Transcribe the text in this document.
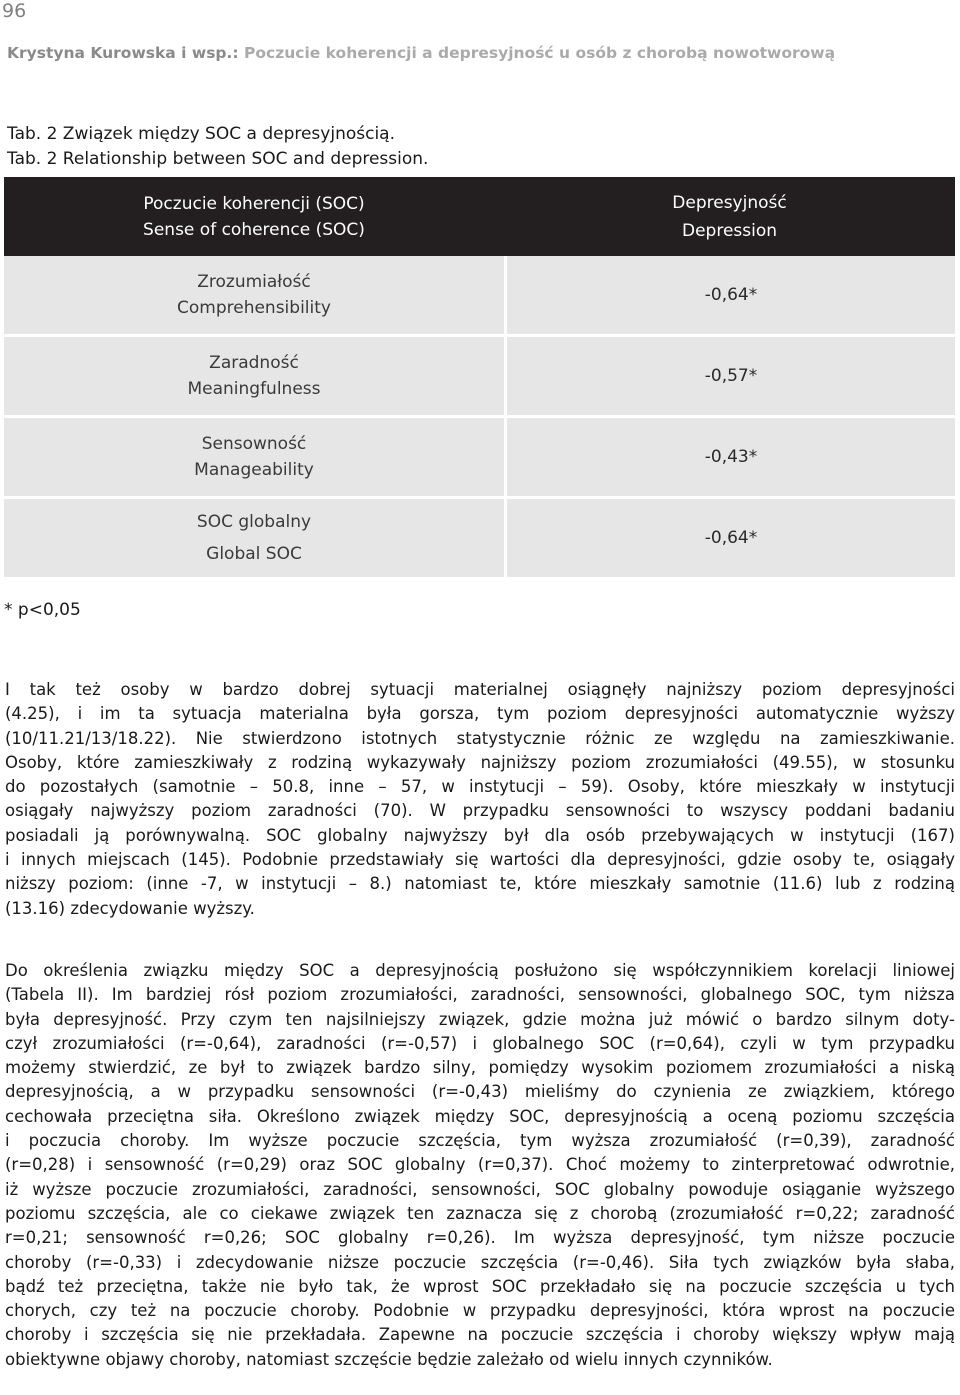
96
Krystyna Kurowska i wsp.: Poczucie koherencji a depresyjność u osób z chorobą nowotworową
Tab. 2 Związek między SOC a depresyjnością.
Tab. 2 Relationship between SOC and depression.
Poczucie koherencji (SOC)
Sense of coherence (SOC)
Depresyjność
Depression
Zrozumiałość
Comprehensibility
-0,64*
Zaradność
Meaningfulness
-0,57*
Sensowność
Manageability
-0,43*
SOC globalny
Global SOC
-0,64*
* p<0,05
I tak też osoby w bardzo dobrej sytuacji materialnej osiągnęły najniższy poziom depresyjności
(4.25), i im ta sytuacja materialna była gorsza, tym poziom depresyjności automatycznie wyższy
(10/11.21/13/18.22). Nie stwierdzono istotnych statystycznie różnic ze względu na zamieszkiwanie.
Osoby, które zamieszkiwały z rodziną wykazywały najniższy poziom zrozumiałości (49.55), w stosunku
do pozostałych (samotnie – 50.8, inne – 57, w instytucji – 59). Osoby, które mieszkały w instytucji
osiągały najwyższy poziom zaradności (70). W przypadku sensowności to wszyscy poddani badaniu
posiadali ją porównywalną. SOC globalny najwyższy był dla osób przebywających w instytucji (167)
i innych miejscach (145). Podobnie przedstawiały się wartości dla depresyjności, gdzie osoby te, osiągały
niższy poziom: (inne -7, w instytucji – 8.) natomiast te, które mieszkały samotnie (11.6) lub z rodziną
(13.16) zdecydowanie wyższy.
Do określenia związku między SOC a depresyjnością posłużono się współczynnikiem korelacji liniowej
(Tabela II). Im bardziej rósł poziom zrozumiałości, zaradności, sensowności, globalnego SOC, tym niższa
była depresyjność. Przy czym ten najsilniejszy związek, gdzie można już mówić o bardzo silnym doty-
czył zrozumiałości (r=-0,64), zaradności (r=-0,57) i globalnego SOC (r=0,64), czyli w tym przypadku
możemy stwierdzić, ze był to związek bardzo silny, pomiędzy wysokim poziomem zrozumiałości a niską
depresyjnością, a w przypadku sensowności (r=-0,43) mieliśmy do czynienia ze związkiem, którego
cechowała przeciętna siła. Określono związek między SOC, depresyjnością a oceną poziomu szczęścia
i poczucia choroby. Im wyższe poczucie szczęścia, tym wyższa zrozumiałość (r=0,39), zaradność
(r=0,28) i sensowność (r=0,29) oraz SOC globalny (r=0,37). Choć możemy to zinterpretować odwrotnie,
iż wyższe poczucie zrozumiałości, zaradności, sensowności, SOC globalny powoduje osiąganie wyższego
poziomu szczęścia, ale co ciekawe związek ten zaznacza się z chorobą (zrozumiałość r=0,22; zaradność
r=0,21; sensowność r=0,26; SOC globalny r=0,26). Im wyższa depresyjność, tym niższe poczucie
choroby (r=-0,33) i zdecydowanie niższe poczucie szczęścia (r=-0,46). Siła tych związków była słaba,
bądź też przeciętna, także nie było tak, że wprost SOC przekładało się na poczucie szczęścia u tych
chorych, czy też na poczucie choroby. Podobnie w przypadku depresyjności, która wprost na poczucie
choroby i szczęścia się nie przekładała. Zapewne na poczucie szczęścia i choroby większy wpływ mają
obiektywne objawy choroby, natomiast szczęście będzie zależało od wielu innych czynników.
